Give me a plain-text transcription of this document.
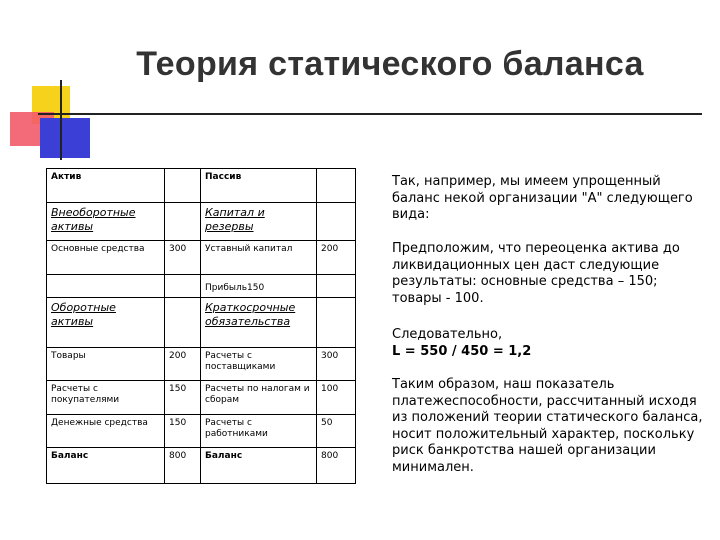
Теория статического баланса
Актив		Пассив	
Внеоборотные активы		Капитал и резервы	
Основные средства	300	Уставный капитал	200
		Прибыль150	
Оборотные активы		Краткосрочные обязательства	
Товары	200	Расчеты с поставщиками	300
Расчеты с покупателями	150	Расчеты по налогам и сборам	100
Денежные средства	150	Расчеты с работниками	50
Баланс	800	Баланс	800
Так, например, мы имеем упрощенный баланс некой организации "А" следующего вида:
Предположим, что переоценка актива до ликвидационных цен даст следующие результаты: основные средства – 150; товары - 100.
Следовательно,
L = 550 / 450 = 1,2
Таким образом, наш показатель платежеспособности, рассчитанный исходя из положений теории статического баланса, носит положительный характер, поскольку риск банкротства нашей организации минимален.
